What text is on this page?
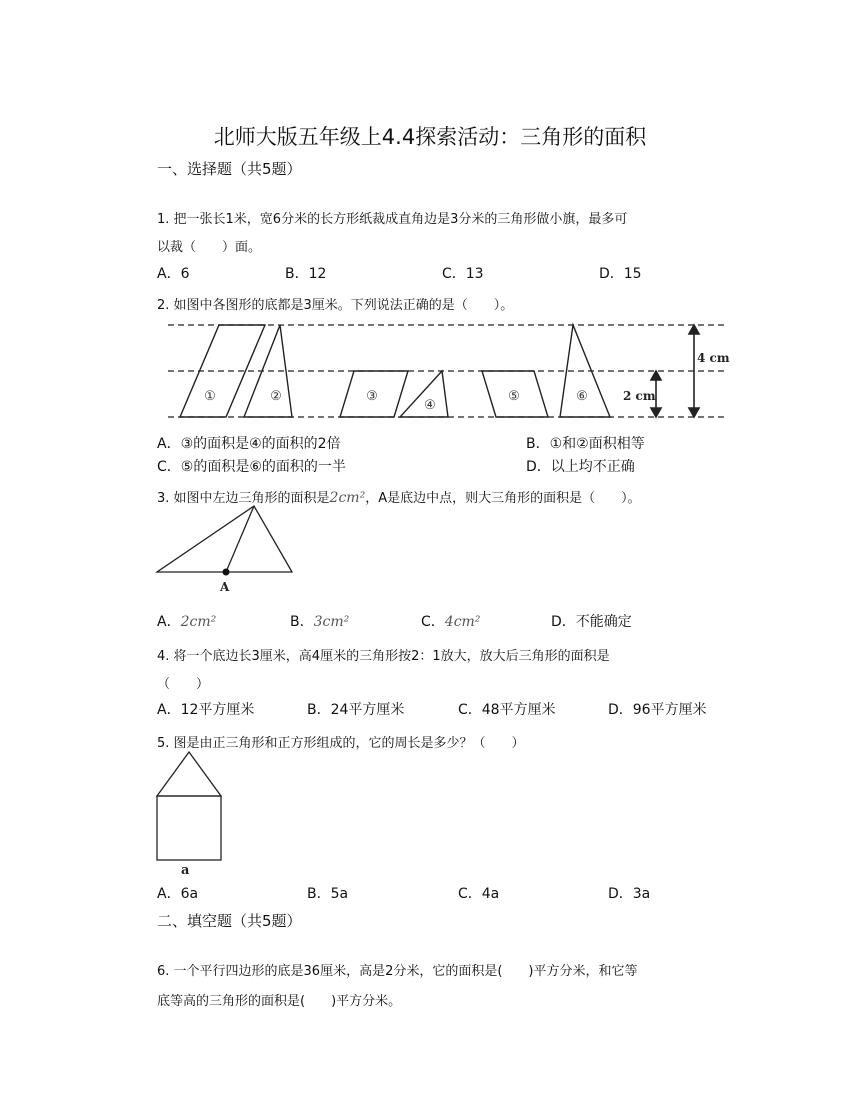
北师大版五年级上4.4探索活动：三角形的面积
一、选择题（共5题）
1. 把一张长1米，宽6分米的长方形纸裁成直角边是3分米的三角形做小旗，最多可
以裁（　　）面。
A．6	B．12	C．13	D．15
2. 如图中各图形的底都是3厘米。下列说法正确的是（　　）。
①	②	③
④
⑤	⑥	2 cm
4 cm
A．③的面积是④的面积的2倍	B．①和②面积相等
C．⑤的面积是⑥的面积的一半	D．以上均不正确
3. 如图中左边三角形的面积是2cm²，A是底边中点，则大三角形的面积是（　　）。
A
A．2cm²	B．3cm²	C．4cm²	D．不能确定
4. 将一个底边长3厘米，高4厘米的三角形按2：1放大，放大后三角形的面积是
（　　）
A．12平方厘米	B．24平方厘米	C．48平方厘米	D．96平方厘米
5. 图是由正三角形和正方形组成的，它的周长是多少？（　　）
a
A．6a	B．5a	C．4a	D．3a
二、填空题（共5题）
6. 一个平行四边形的底是36厘米，高是2分米，它的面积是(　　)平方分米，和它等
底等高的三角形的面积是(　　)平方分米。
